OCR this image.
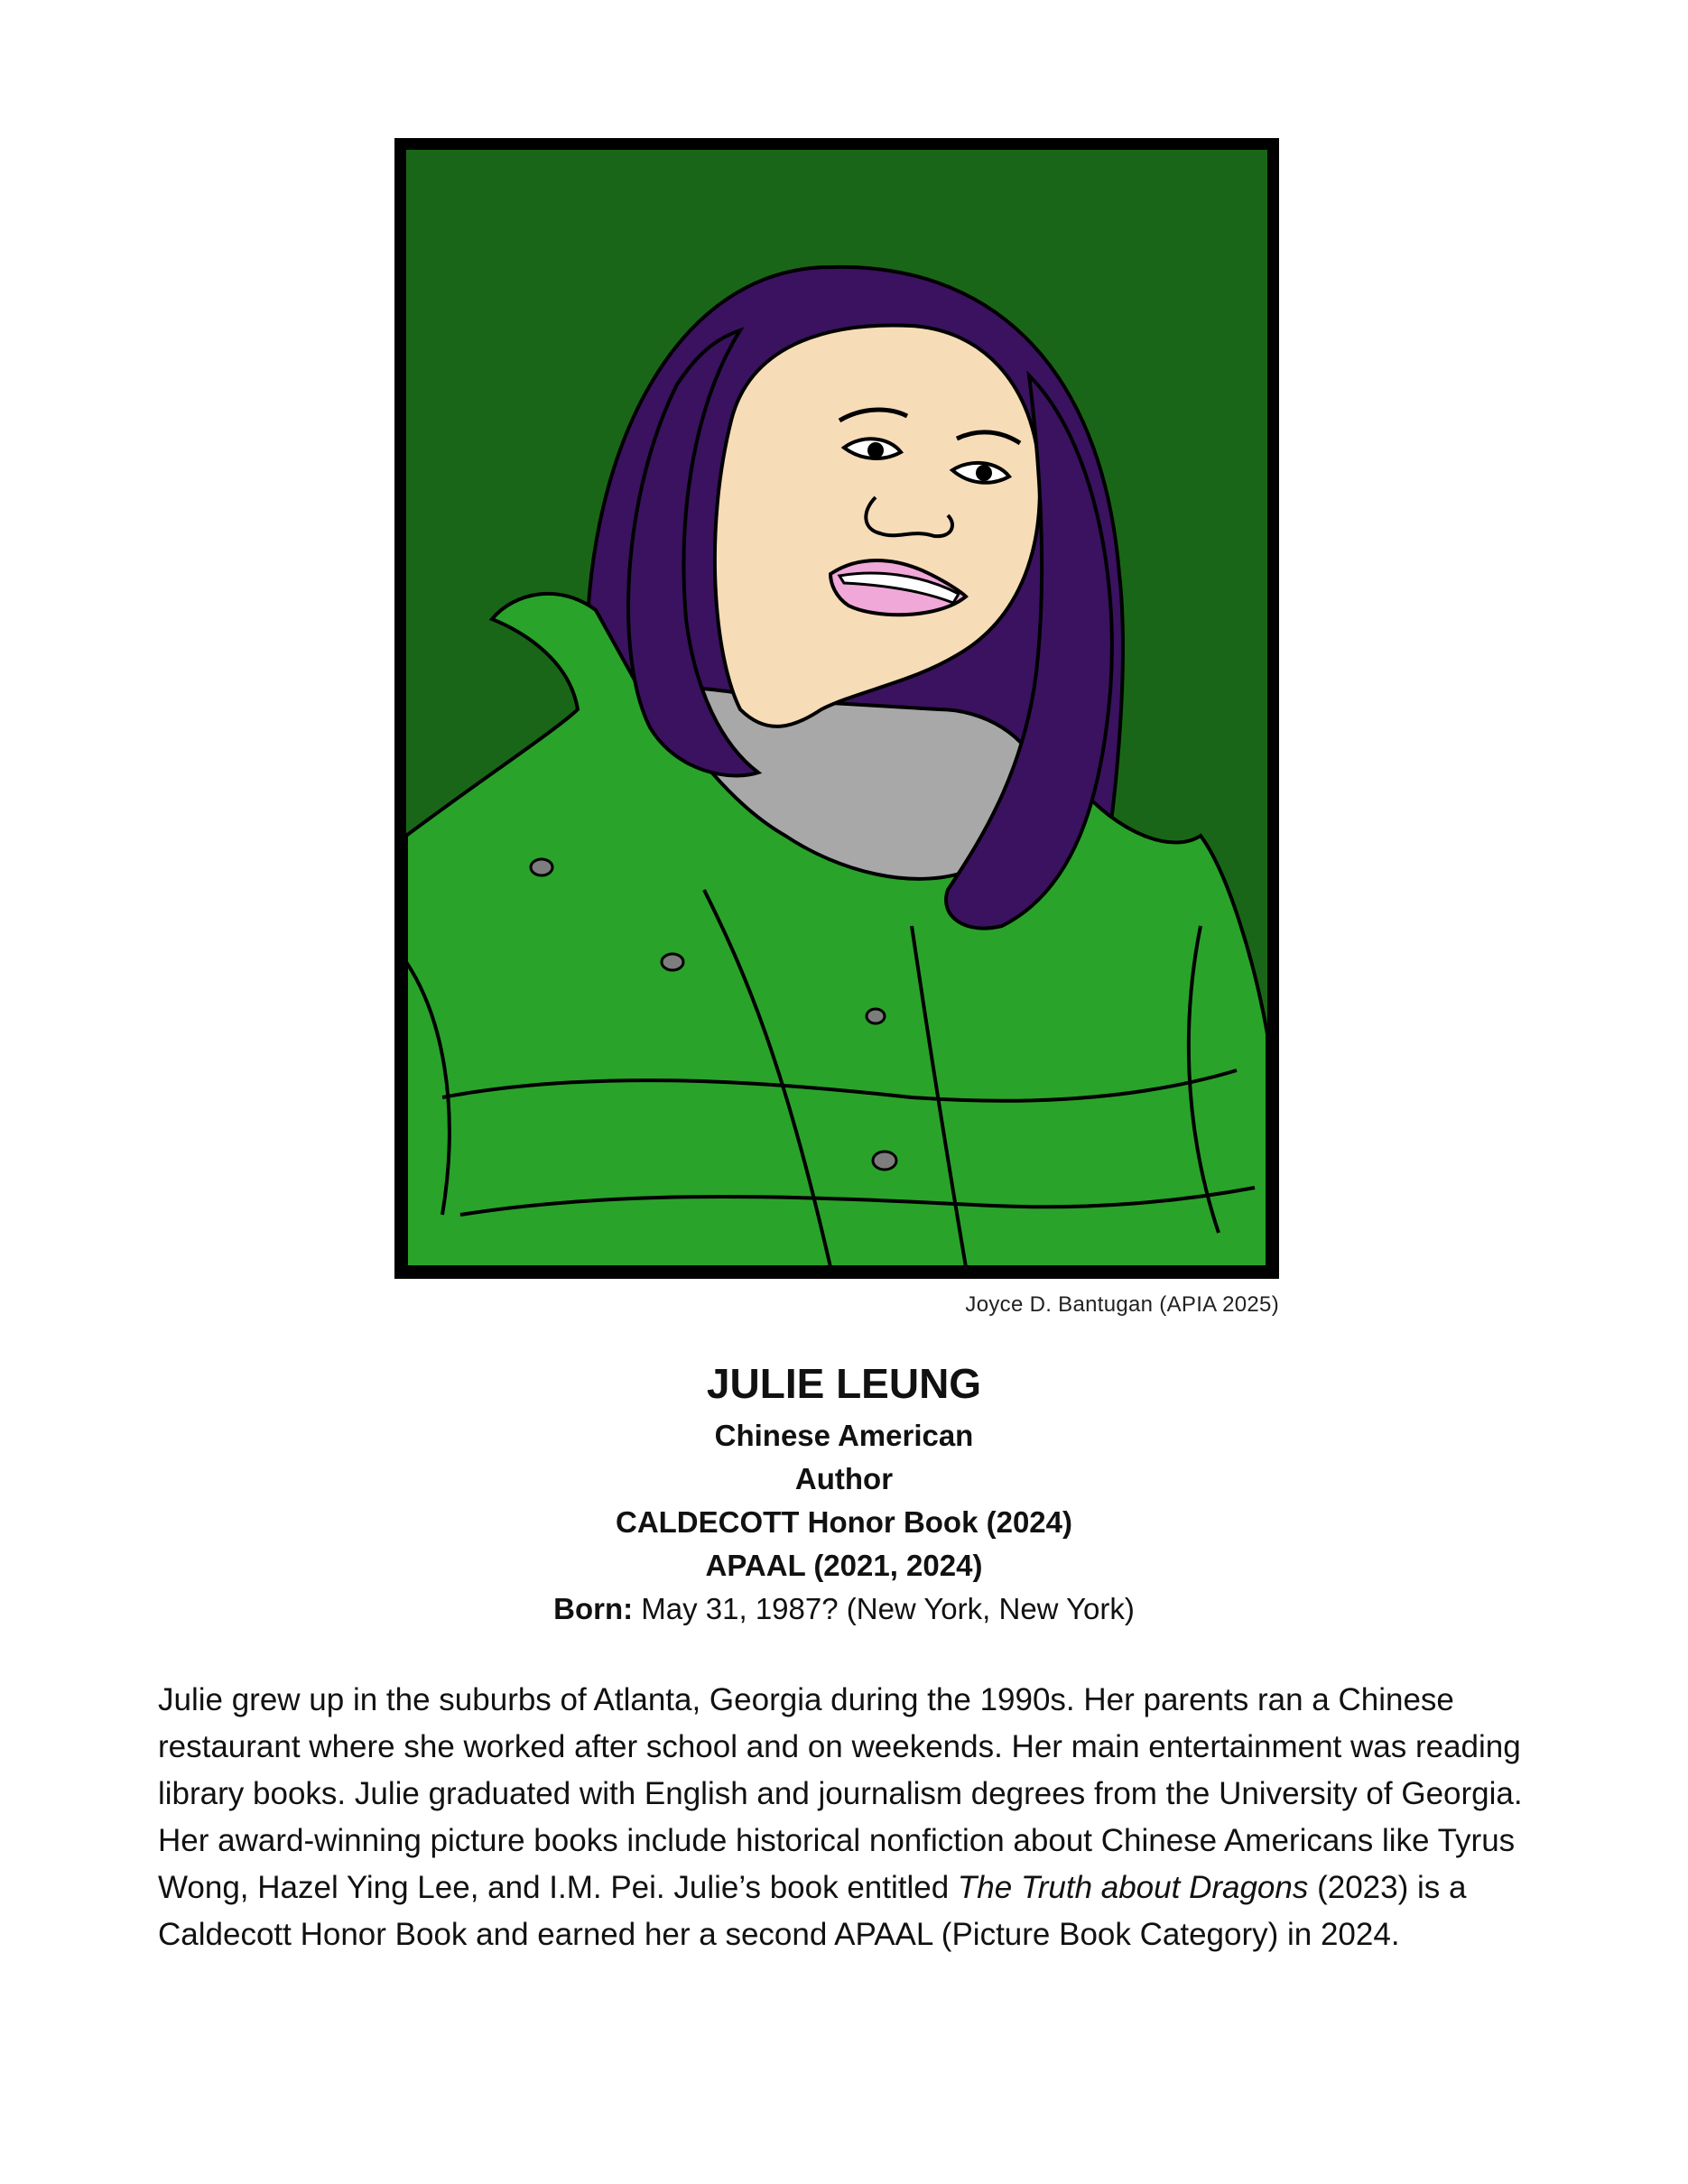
Joyce D. Bantugan (APIA 2025)
JULIE LEUNG
Chinese American
Author
CALDECOTT Honor Book (2024)
APAAL (2021, 2024)
Born: May 31, 1987? (New York, New York)

Julie grew up in the suburbs of Atlanta, Georgia during the 1990s. Her parents ran a Chinese restaurant where she worked after school and on weekends. Her main entertainment was reading library books. Julie graduated with English and journalism degrees from the University of Georgia. Her award-winning picture books include historical nonfiction about Chinese Americans like Tyrus Wong, Hazel Ying Lee, and I.M. Pei. Julie’s book entitled The Truth about Dragons (2023) is a Caldecott Honor Book and earned her a second APAAL (Picture Book Category) in 2024.
